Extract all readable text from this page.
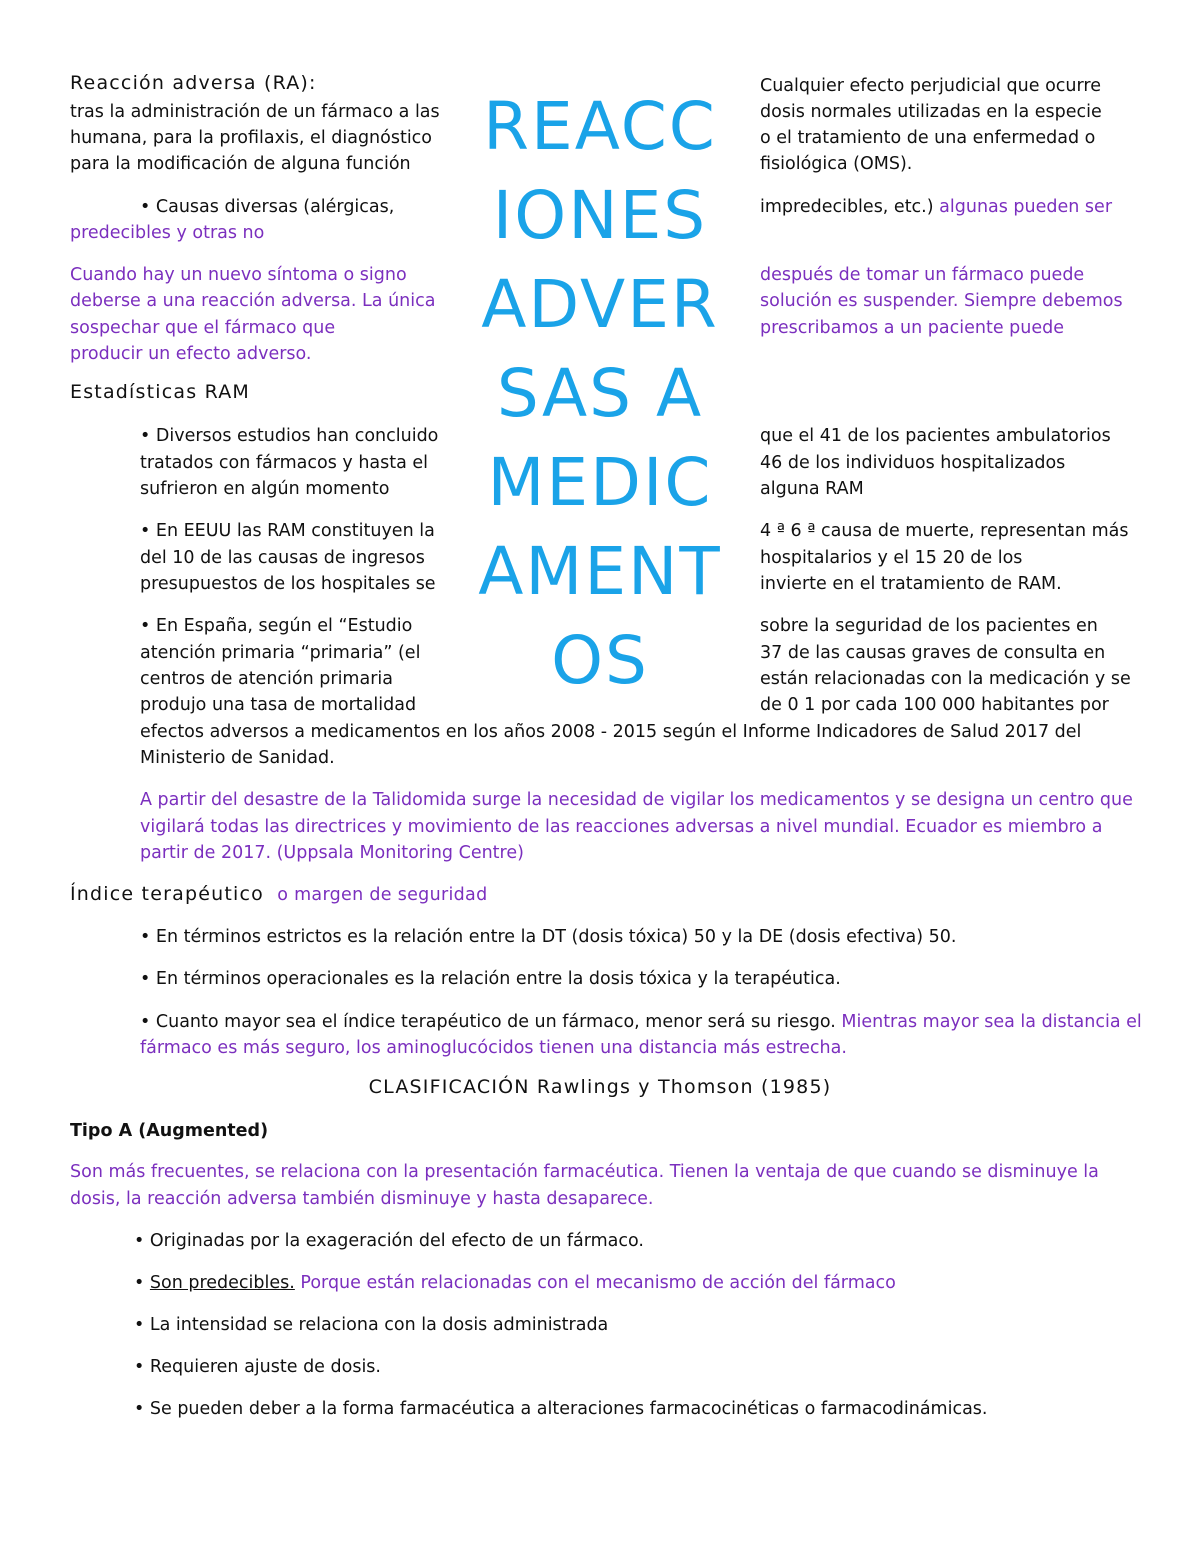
REACC
IONES
ADVER
SAS A
MEDIC
AMENT
OS
Reacción adversa (RA):	Cualquier efecto perjudicial que ocurre
tras la administración de un fármaco a las	dosis normales utilizadas en la especie
humana, para la profilaxis, el diagnóstico	o el tratamiento de una enfermedad o
para la modificación de alguna función	fisiológica (OMS).
• Causas diversas (alérgicas,	impredecibles, etc.) algunas pueden ser
predecibles y otras no
Cuando hay un nuevo síntoma o signo	después de tomar un fármaco puede
deberse a una reacción adversa. La única	solución es suspender. Siempre debemos
sospechar que el fármaco que	prescribamos a un paciente puede
producir un efecto adverso.
Estadísticas RAM
• Diversos estudios han concluido	que el 41 de los pacientes ambulatorios
tratados con fármacos y hasta el	46 de los individuos hospitalizados
sufrieron en algún momento	alguna RAM
• En EEUU las RAM constituyen la	4 ª 6 ª causa de muerte, representan más
del 10 de las causas de ingresos	hospitalarios y el 15 20 de los
presupuestos de los hospitales se	invierte en el tratamiento de RAM.
• En España, según el “Estudio	sobre la seguridad de los pacientes en
atención primaria “primaria” (el	37 de las causas graves de consulta en
centros de atención primaria	están relacionadas con la medicación y se
produjo una tasa de mortalidad	de 0 1 por cada 100 000 habitantes por
efectos adversos a medicamentos en los años 2008 - 2015 según el Informe Indicadores de Salud 2017 del
Ministerio de Sanidad.
A partir del desastre de la Talidomida surge la necesidad de vigilar los medicamentos y se designa un centro que
vigilará todas las directrices y movimiento de las reacciones adversas a nivel mundial. Ecuador es miembro a
partir de 2017. (Uppsala Monitoring Centre)
Índice terapéutico o margen de seguridad
• En términos estrictos es la relación entre la DT (dosis tóxica) 50 y la DE (dosis efectiva) 50.
• En términos operacionales es la relación entre la dosis tóxica y la terapéutica.
• Cuanto mayor sea el índice terapéutico de un fármaco, menor será su riesgo. Mientras mayor sea la distancia el
fármaco es más seguro, los aminoglucócidos tienen una distancia más estrecha.
CLASIFICACIÓN Rawlings y Thomson (1985)
Tipo A (Augmented)
Son más frecuentes, se relaciona con la presentación farmacéutica. Tienen la ventaja de que cuando se disminuye la
dosis, la reacción adversa también disminuye y hasta desaparece.
• Originadas por la exageración del efecto de un fármaco.
• Son predecibles. Porque están relacionadas con el mecanismo de acción del fármaco
• La intensidad se relaciona con la dosis administrada
• Requieren ajuste de dosis.
• Se pueden deber a la forma farmacéutica a alteraciones farmacocinéticas o farmacodinámicas.
